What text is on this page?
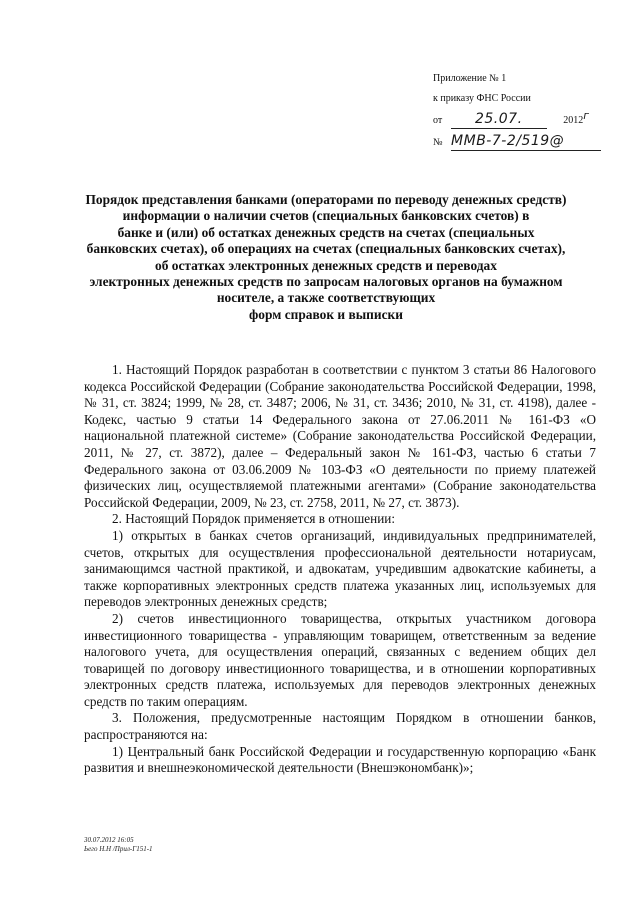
Приложение № 1
к приказу ФНС России
от 25.07.	2012г
№ ММВ-7-2/519@
Порядок представления банками (операторами по переводу денежных средств)
информации о наличии счетов (специальных банковских счетов) в
банке и (или) об остатках денежных средств на счетах (специальных
банковских счетах), об операциях на счетах (специальных банковских счетах),
об остатках электронных денежных средств и переводах
электронных денежных средств по запросам налоговых органов на бумажном
носителе, а также соответствующих
форм справок и выписки

1. Настоящий Порядок разработан в соответствии с пунктом 3 статьи 86 Налогового кодекса Российской Федерации (Собрание законодательства Российской Федерации, 1998, № 31, ст. 3824; 1999, № 28, ст. 3487; 2006, № 31, ст. 3436; 2010, № 31, ст. 4198), далее - Кодекс, частью 9 статьи 14 Федерального закона от 27.06.2011 № 161-ФЗ «О национальной платежной системе» (Собрание законодательства Российской Федерации, 2011, № 27, ст. 3872), далее – Федеральный закон № 161-ФЗ, частью 6 статьи 7 Федерального закона от 03.06.2009 № 103-ФЗ «О деятельности по приему платежей физических лиц, осуществляемой платежными агентами» (Собрание законодательства Российской Федерации, 2009, № 23, ст. 2758, 2011, № 27, ст. 3873).

2. Настоящий Порядок применяется в отношении:

1) открытых в банках счетов организаций, индивидуальных предпринимателей, счетов, открытых для осуществления профессиональной деятельности нотариусам, занимающимся частной практикой, и адвокатам, учредившим адвокатские кабинеты, а также корпоративных электронных средств платежа указанных лиц, используемых для переводов электронных денежных средств;

2) счетов инвестиционного товарищества, открытых участником договора инвестиционного товарищества - управляющим товарищем, ответственным за ведение налогового учета, для осуществления операций, связанных с ведением общих дел товарищей по договору инвестиционного товарищества, и в отношении корпоративных электронных средств платежа, используемых для переводов электронных денежных средств по таким операциям.

3. Положения, предусмотренные настоящим Порядком в отношении банков, распространяются на:

1) Центральный банк Российской Федерации и государственную корпорацию «Банк развития и внешнеэкономической деятельности (Внешэкономбанк)»;

30.07.2012 16:05
Ьего Н.Н /Прил-Г151-1
